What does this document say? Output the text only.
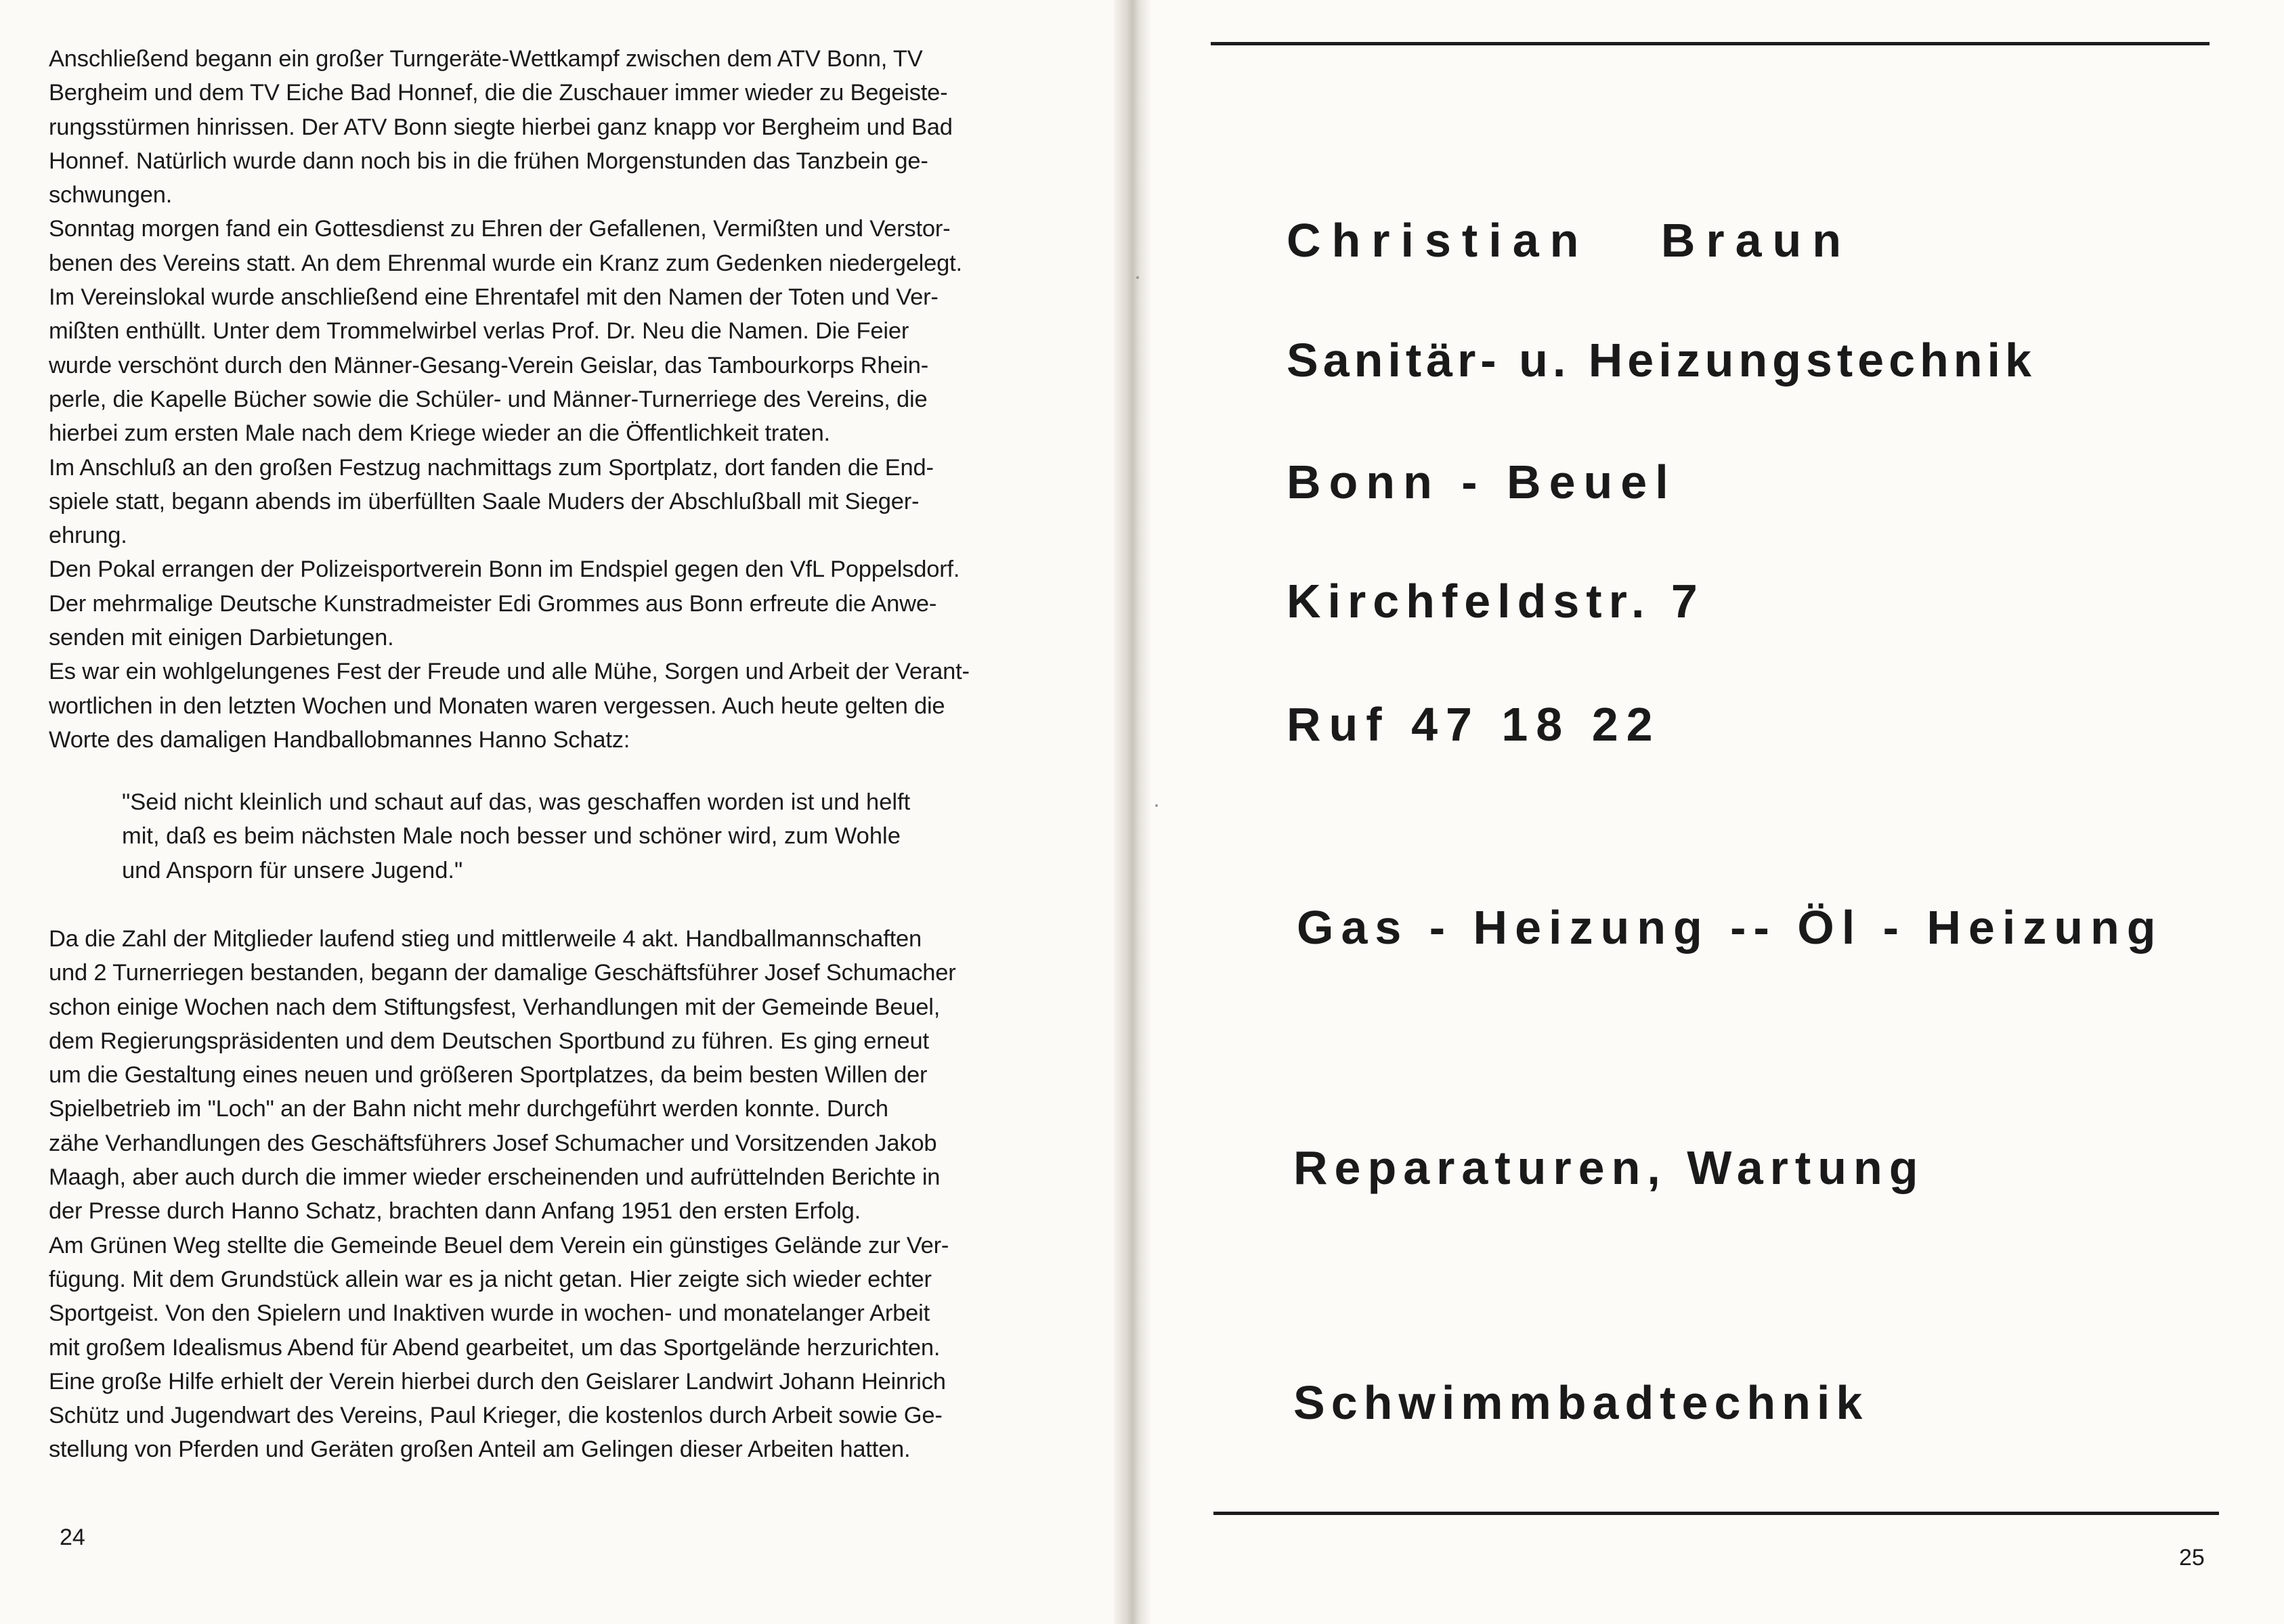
Anschließend begann ein großer Turngeräte-Wettkampf zwischen dem ATV Bonn, TV
Bergheim und dem TV Eiche Bad Honnef, die die Zuschauer immer wieder zu Begeiste-
rungsstürmen hinrissen. Der ATV Bonn siegte hierbei ganz knapp vor Bergheim und Bad
Honnef. Natürlich wurde dann noch bis in die frühen Morgenstunden das Tanzbein ge-
schwungen.
Sonntag morgen fand ein Gottesdienst zu Ehren der Gefallenen, Vermißten und Verstor-
benen des Vereins statt. An dem Ehrenmal wurde ein Kranz zum Gedenken niedergelegt.
Im Vereinslokal wurde anschließend eine Ehrentafel mit den Namen der Toten und Ver-
mißten enthüllt. Unter dem Trommelwirbel verlas Prof. Dr. Neu die Namen. Die Feier
wurde verschönt durch den Männer-Gesang-Verein Geislar, das Tambourkorps Rhein-
perle, die Kapelle Bücher sowie die Schüler- und Männer-Turnerriege des Vereins, die
hierbei zum ersten Male nach dem Kriege wieder an die Öffentlichkeit traten.
Im Anschluß an den großen Festzug nachmittags zum Sportplatz, dort fanden die End-
spiele statt, begann abends im überfüllten Saale Muders der Abschlußball mit Sieger-
ehrung.
Den Pokal errangen der Polizeisportverein Bonn im Endspiel gegen den VfL Poppelsdorf.
Der mehrmalige Deutsche Kunstradmeister Edi Grommes aus Bonn erfreute die Anwe-
senden mit einigen Darbietungen.
Es war ein wohlgelungenes Fest der Freude und alle Mühe, Sorgen und Arbeit der Verant-
wortlichen in den letzten Wochen und Monaten waren vergessen. Auch heute gelten die
Worte des damaligen Handballobmannes Hanno Schatz:
"Seid nicht kleinlich und schaut auf das, was geschaffen worden ist und helft
mit, daß es beim nächsten Male noch besser und schöner wird, zum Wohle
und Ansporn für unsere Jugend."
Da die Zahl der Mitglieder laufend stieg und mittlerweile 4 akt. Handballmannschaften
und 2 Turnerriegen bestanden, begann der damalige Geschäftsführer Josef Schumacher
schon einige Wochen nach dem Stiftungsfest, Verhandlungen mit der Gemeinde Beuel,
dem Regierungspräsidenten und dem Deutschen Sportbund zu führen. Es ging erneut
um die Gestaltung eines neuen und größeren Sportplatzes, da beim besten Willen der
Spielbetrieb im "Loch" an der Bahn nicht mehr durchgeführt werden konnte. Durch
zähe Verhandlungen des Geschäftsführers Josef Schumacher und Vorsitzenden Jakob
Maagh, aber auch durch die immer wieder erscheinenden und aufrüttelnden Berichte in
der Presse durch Hanno Schatz, brachten dann Anfang 1951 den ersten Erfolg.
Am Grünen Weg stellte die Gemeinde Beuel dem Verein ein günstiges Gelände zur Ver-
fügung. Mit dem Grundstück allein war es ja nicht getan. Hier zeigte sich wieder echter
Sportgeist. Von den Spielern und Inaktiven wurde in wochen- und monatelanger Arbeit
mit großem Idealismus Abend für Abend gearbeitet, um das Sportgelände herzurichten.
Eine große Hilfe erhielt der Verein hierbei durch den Geislarer Landwirt Johann Heinrich
Schütz und Jugendwart des Vereins, Paul Krieger, die kostenlos durch Arbeit sowie Ge-
stellung von Pferden und Geräten großen Anteil am Gelingen dieser Arbeiten hatten.
24
Christian Braun
Sanitär- u. Heizungstechnik
Bonn - Beuel
Kirchfeldstr. 7
Ruf 47 18 22
Gas - Heizung -- Öl - Heizung
Reparaturen, Wartung
Schwimmbadtechnik
25
